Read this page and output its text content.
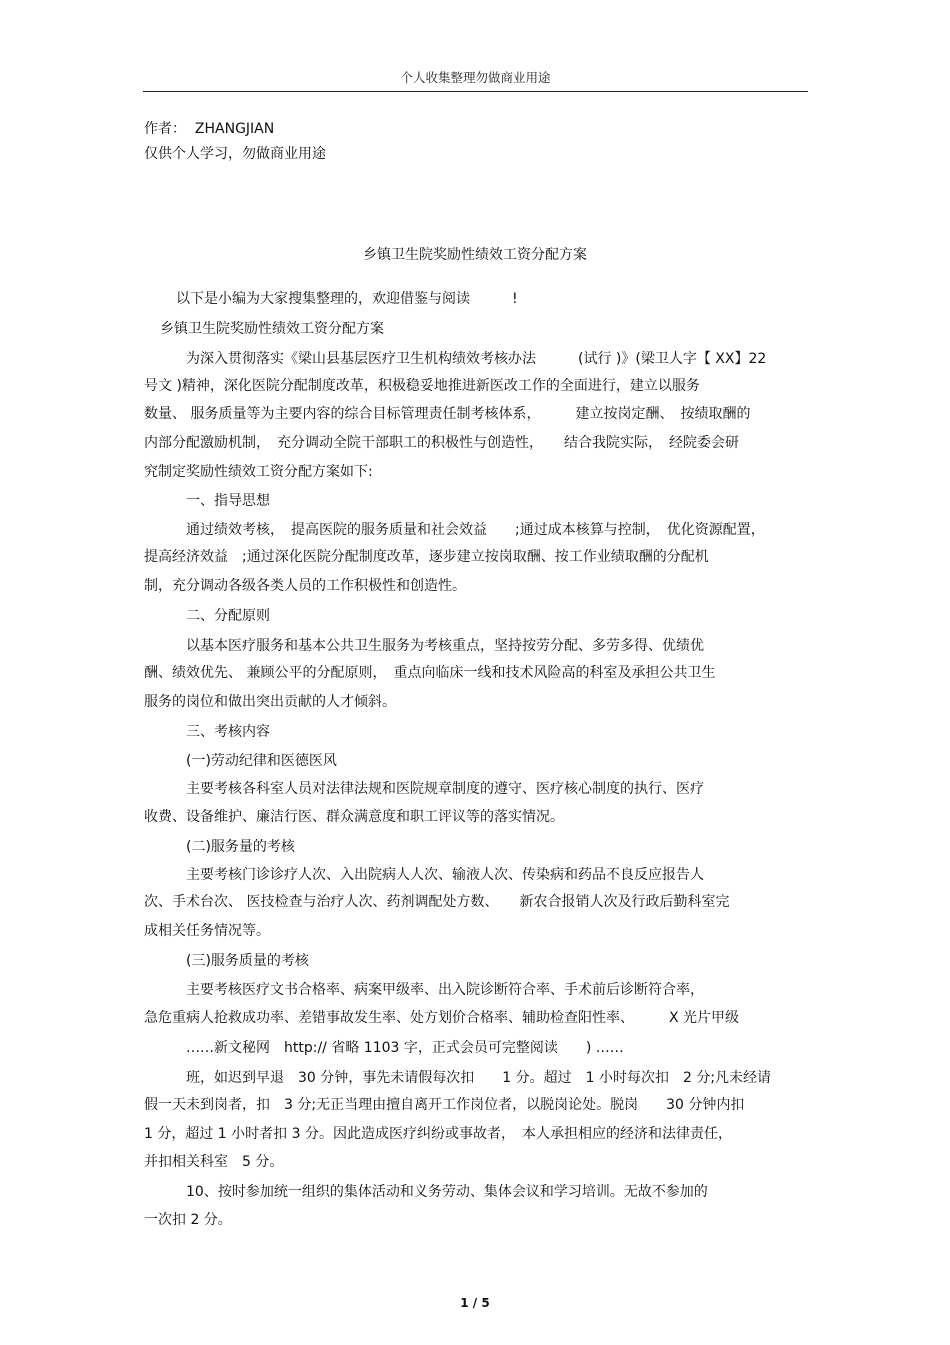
个人收集整理勿做商业用途
作者： ZHANGJIAN
仅供个人学习，勿做商业用途
乡镇卫生院奖励性绩效工资分配方案
以下是小编为大家搜集整理的，欢迎借鉴与阅读　　　!
乡镇卫生院奖励性绩效工资分配方案
为深入贯彻落实《梁山县基层医疗卫生机构绩效考核办法　　　(试行 )》(梁卫人字【 XX】22
号文 )精神，深化医院分配制度改革，积极稳妥地推进新医改工作的全面进行，建立以服务
数量、 服务质量等为主要内容的综合目标管理责任制考核体系，　　　建立按岗定酬、　按绩取酬的
内部分配激励机制，　充分调动全院干部职工的积极性与创造性，　　结合我院实际，　经院委会研
究制定奖励性绩效工资分配方案如下:
一、指导思想
通过绩效考核，　提高医院的服务质量和社会效益　　;通过成本核算与控制，　优化资源配置，
提高经济效益　;通过深化医院分配制度改革，逐步建立按岗取酬、按工作业绩取酬的分配机
制，充分调动各级各类人员的工作积极性和创造性。
二、分配原则
以基本医疗服务和基本公共卫生服务为考核重点，坚持按劳分配、多劳多得、优绩优
酬、绩效优先、 兼顾公平的分配原则，　重点向临床一线和技术风险高的科室及承担公共卫生
服务的岗位和做出突出贡献的人才倾斜。
三、考核内容
(一)劳动纪律和医德医风
主要考核各科室人员对法律法规和医院规章制度的遵守、医疗核心制度的执行、医疗
收费、设备维护、廉洁行医、群众满意度和职工评议等的落实情况。
(二)服务量的考核
主要考核门诊诊疗人次、入出院病人人次、输液人次、传染病和药品不良反应报告人
次、手术台次、 医技检查与治疗人次、药剂调配处方数、　　新农合报销人次及行政后勤科室完
成相关任务情况等。
(三)服务质量的考核
主要考核医疗文书合格率、病案甲级率、出入院诊断符合率、手术前后诊断符合率，
急危重病人抢救成功率、差错事故发生率、处方划价合格率、辅助检查阳性率、　　　X 光片甲级
……新文秘网　http:// 省略 1103 字，正式会员可完整阅读　　) ……
班，如迟到早退　30 分钟，事先未请假每次扣　　1 分。超过　1 小时每次扣　2 分;凡未经请
假一天未到岗者，扣　3 分;无正当理由擅自离开工作岗位者，以脱岗论处。脱岗　　30 分钟内扣
1 分，超过 1 小时者扣 3 分。因此造成医疗纠纷或事故者，　本人承担相应的经济和法律责任，
并扣相关科室　5 分。
10、按时参加统一组织的集体活动和义务劳动、集体会议和学习培训。无故不参加的
一次扣 2 分。
1 / 5
